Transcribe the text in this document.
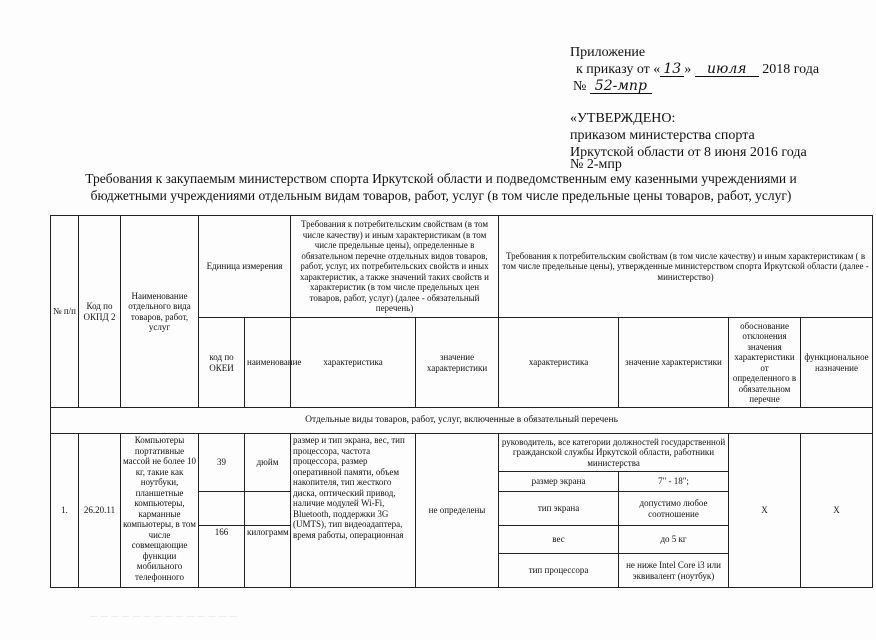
Приложение
к приказу от « 13 » июля 2018 года
№ 52-мпр
«УТВЕРЖДЕНО:
приказом министерства спорта
Иркутской области от 8 июня 2016 года
№ 2-мпр
Требования к закупаемым министерством спорта Иркутской области и подведомственным ему казенными учреждениями и бюджетными учреждениями отдельным видам товаров, работ, услуг (в том числе предельные цены товаров, работ, услуг)
№ п/п	Код по ОКПД 2	Наименование отдельного вида товаров, работ, услуг	Единица измерения		Требования к потребительским свойствам (в том числе качеству) и иным характеристикам (в том числе предельные цены), определенные в обязательном перечне отдельных видов товаров, работ, услуг, их потребительских свойств и иных характеристик, а также значений таких свойств и характеристик (в том числе предельных цен товаров, работ, услуг) (далее - обязательный перечень)		Требования к потребительским свойствам (в том числе качеству) и иным характеристикам ( в том числе предельные цены), утвержденные министерством спорта Иркутской области (далее - министерство)			
			код по ОКЕИ	наименование	характеристика	значение характеристики	характеристика	значение характеристики	обоснование отклонения значения характеристики от определенного в обязательном перечне	функциональное назначение
Отдельные виды товаров, работ, услуг, включенные в обязательный перечень										
1.	26.20.11	Компьютеры портативные массой не более 10 кг, такие как ноутбуки, планшетные компьютеры, карманные компьютеры, в том числе совмещающие функции мобильного телефонного	39	дюйм	размер и тип экрана, вес, тип процессора, частота процессора, размер оперативной памяти, объем накопителя, тип жесткого диска, оптический привод, наличие модулей Wi-Fi, Bluetooth, поддержки 3G (UMTS), тип видеоадаптера, время работы, операционная	не определены	руководитель, все категории должностей государственной гражданской службы Иркутской области, работники министерства		X	X
							размер экрана	7" - 18";		
							тип экрана	допустимо любое соотношение		
			166	килограмм			вес	до 5 кг		
							тип процессора	не ниже Intel Core i3 или эквивалент (ноутбук)		
— — — — — — — — — — — — — —
